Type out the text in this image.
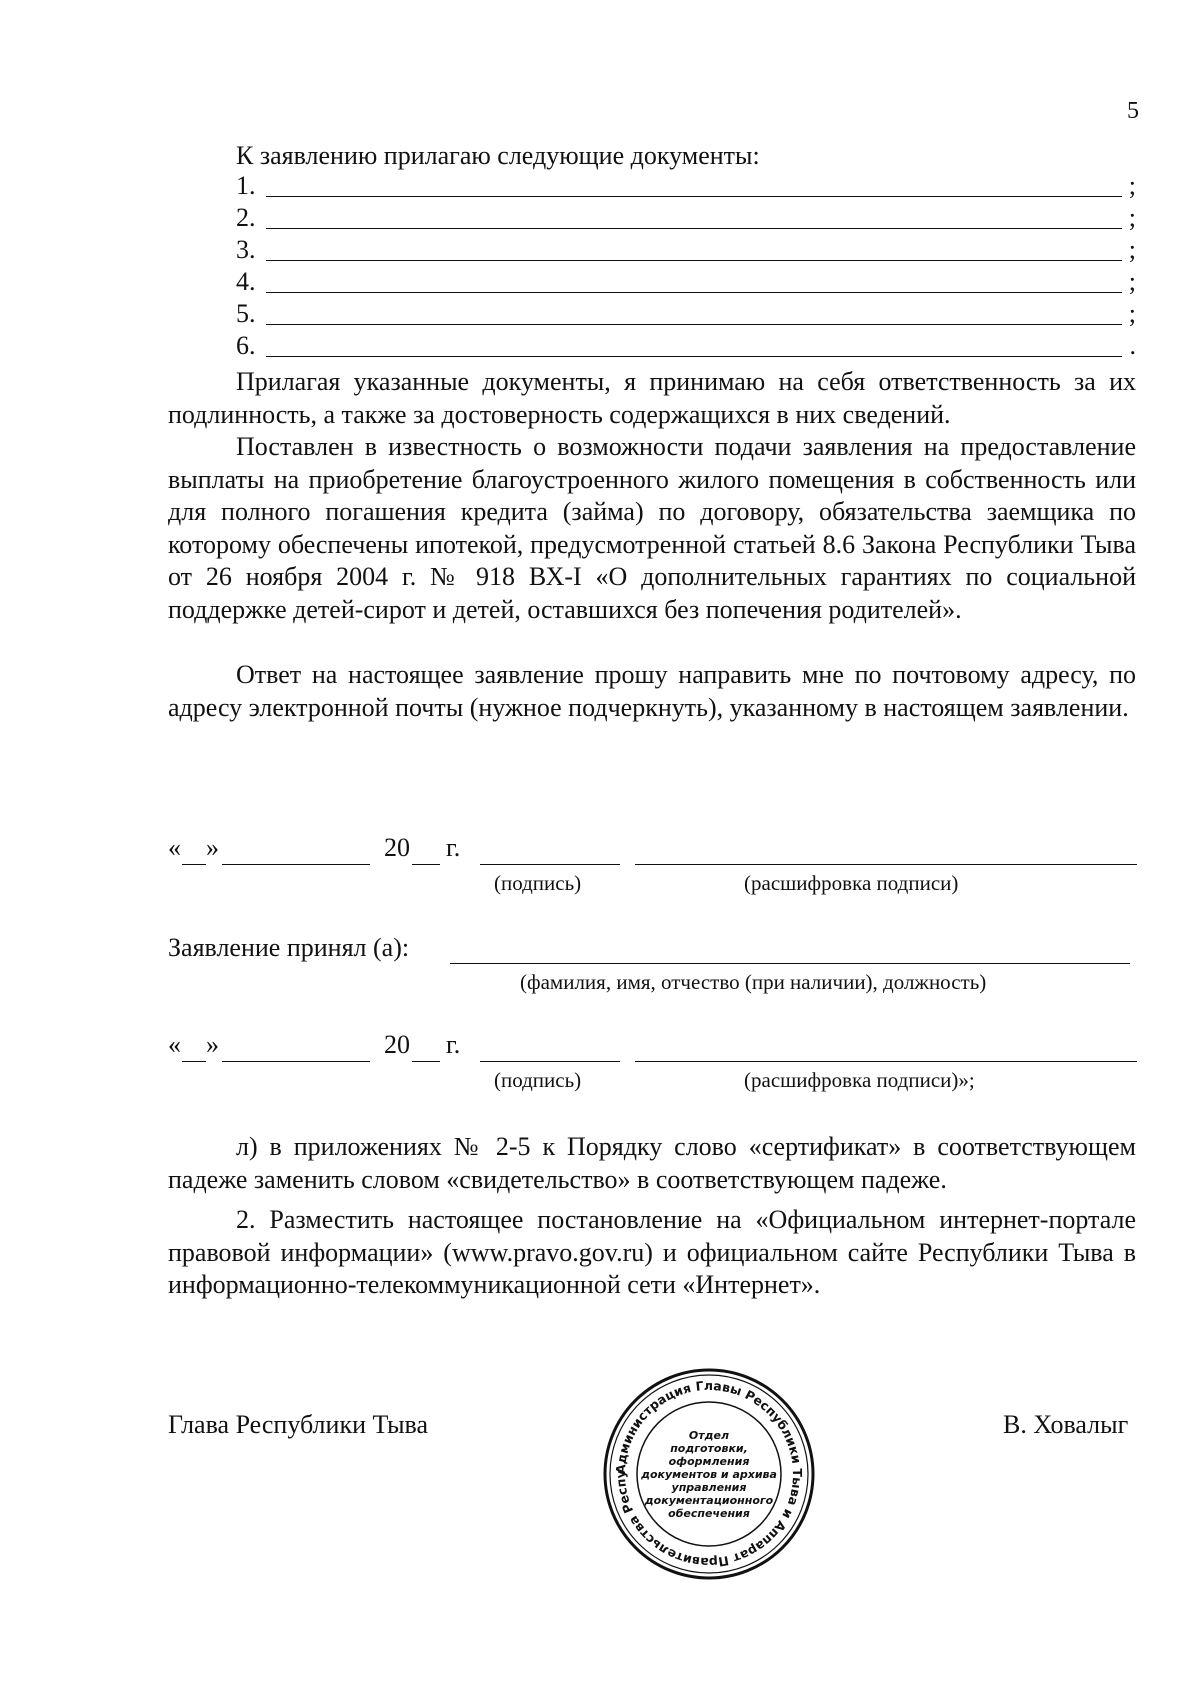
5
К заявлению прилагаю следующие документы:
1.	;
2.	;
3.	;
4.	;
5.	;
6.	.
Прилагая указанные документы, я принимаю на себя ответственность за их подлинность, а также за достоверность содержащихся в них сведений.
Поставлен в известность о возможности подачи заявления на предоставление выплаты на приобретение благоустроенного жилого помещения в собственность или для полного погашения кредита (займа) по договору, обязательства заемщика по которому обеспечены ипотекой, предусмотренной статьей 8.6 Закона Республики Тыва от 26 ноября 2004 г. № 918 ВХ-I «О дополнительных гарантиях по социальной поддержке детей-сирот и детей, оставшихся без попечения родителей».
Ответ на настоящее заявление прошу направить мне по почтовому адресу, по адресу электронной почты (нужное подчеркнуть), указанному в настоящем заявлении.
« »	20 г.
(подпись)	(расшифровка подписи)
Заявление принял (а):
(фамилия, имя, отчество (при наличии), должность)
« »	20 г.
(подпись)	(расшифровка подписи)»;
л) в приложениях № 2-5 к Порядку слово «сертификат» в соответствующем падеже заменить словом «свидетельство» в соответствующем падеже.
2. Разместить настоящее постановление на «Официальном интернет-портале правовой информации» (www.pravo.gov.ru) и официальном сайте Республики Тыва в информационно-телекоммуникационной сети «Интернет».
Глава Республики Тыва	В. Ховалыг
Администрация Главы Республики Тыва и Аппарат Правительства Респу
Отдел
подготовки,
оформления
документов и архива
управления
документационного
обеспечения
